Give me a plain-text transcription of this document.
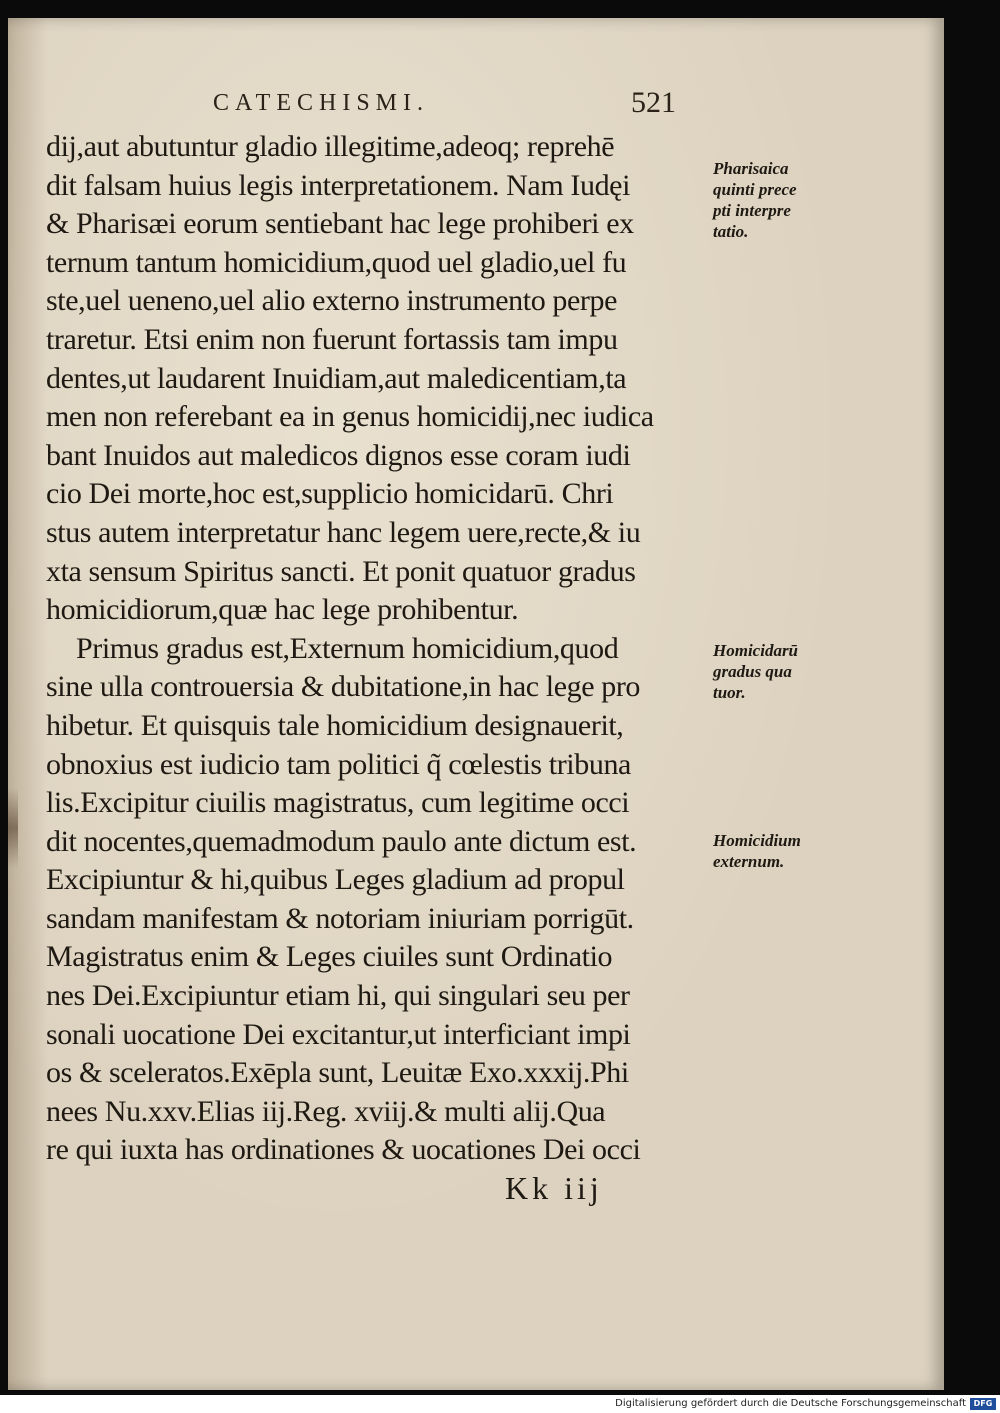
CATECHISMI.	521
dij,aut abutuntur gladio illegitime,adeoq; reprehē
dit falsam huius legis interpretationem. Nam Iudęi
& Pharisæi eorum sentiebant hac lege prohiberi ex
ternum tantum homicidium,quod uel gladio,uel fu
ste,uel ueneno,uel alio externo instrumento perpe
traretur. Etsi enim non fuerunt fortassis tam impu
dentes,ut laudarent Inuidiam,aut maledicentiam,ta
men non referebant ea in genus homicidij,nec iudica
bant Inuidos aut maledicos dignos esse coram iudi
cio Dei morte,hoc est,supplicio homicidarū. Chri
stus autem interpretatur hanc legem uere,recte,& iu
xta sensum Spiritus sancti. Et ponit quatuor gradus
homicidiorum,quæ hac lege prohibentur.
Primus gradus est,Externum homicidium,quod
sine ulla controuersia & dubitatione,in hac lege pro
hibetur. Et quisquis tale homicidium designauerit,
obnoxius est iudicio tam politici q̃ cœlestis tribuna
lis.Excipitur ciuilis magistratus, cum legitime occi
dit nocentes,quemadmodum paulo ante dictum est.
Excipiuntur & hi,quibus Leges gladium ad propul
sandam manifestam & notoriam iniuriam porrigūt.
Magistratus enim & Leges ciuiles sunt Ordinatio
nes Dei.Excipiuntur etiam hi, qui singulari seu per
sonali uocatione Dei excitantur,ut interficiant impi
os & sceleratos.Exēpla sunt, Leuitæ Exo.xxxij.Phi
nees Nu.xxv.Elias iij.Reg. xviij.& multi alij.Qua
re qui iuxta has ordinationes & uocationes Dei occi
Pharisaica
quinti prece
pti interpre
tatio.
Homicidarū
gradus qua
tuor.
Homicidium
externum.
Kk iij
Digitalisierung gefördert durch die Deutsche Forschungsgemeinschaft DFG
